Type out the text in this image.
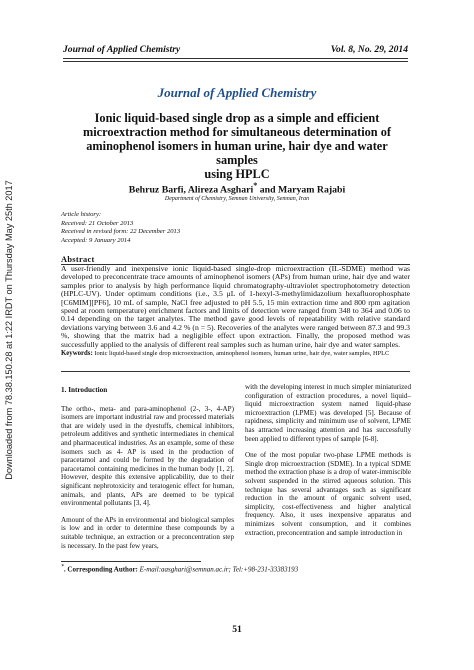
Downloaded from 78.38.150.28 at 1:22 IRDT on Thursday May 25th 2017
Journal of Applied Chemistry	Vol. 8, No. 29, 2014
Journal of Applied Chemistry
Ionic liquid-based single drop as a simple and efficient
microextraction method for simultaneous determination of
aminophenol isomers in human urine, hair dye and water samples
using HPLC
Behruz Barfi, Alireza Asghari* and Maryam Rajabi
Department of Chemistry, Semnan University, Semnan, Iran
Article history:
Received: 21 October 2013
Received in revised form: 22 December 2013
Accepted: 9 January 2014
Abstract
A user-friendly and inexpensive ionic liquid-based single-drop microextraction (IL-SDME) method was developed to preconcentrate trace amounts of aminophenol isomers (APs) from human urine, hair dye and water samples prior to analysis by high performance liquid chromatography-ultraviolet spectrophotometry detection (HPLC-UV). Under optimum conditions (i.e., 3.5 μL of 1-hexyl-3-methylimidazolium hexafluorophosphate [C6MIM][PF6], 10 mL of sample, NaCl free adjusted to pH 5.5, 15 min extraction time and 800 rpm agitation speed at room temperature) enrichment factors and limits of detection were ranged from 348 to 364 and 0.06 to 0.14 depending on the target analytes. The method gave good levels of repeatability with relative standard deviations varying between 3.6 and 4.2 % (n = 5). Recoveries of the analytes were ranged between 87.3 and 99.3 %, showing that the matrix had a negligible effect upon extraction. Finally, the proposed method was successfully applied to the analysis of different real samples such as human urine, hair dye and water samples.
Keywords: Ionic liquid-based single drop microextraction, aminophenol isomers, human urine, hair dye, water samples, HPLC
1. Introduction

The ortho-, meta- and para-aminophenol (2-, 3-, 4-AP) isomers are important industrial raw and processed materials that are widely used in the dyestuffs, chemical inhibitors, petroleum additives and synthetic intermediates in chemical and pharmaceutical industries. As an example, some of these isomers such as 4- AP is used in the production of paracetamol and could be formed by the degradation of paracetamol containing medicines in the human body [1, 2]. However, despite this extensive applicability, due to their significant nephrotoxicity and teratogenic effect for human, animals, and plants, APs are deemed to be typical environmental pollutants [3, 4].

Amount of the APs in environmental and biological samples is low and in order to determine these compounds by a suitable technique, an extraction or a preconcentration step is necessary. In the past few years,

with the developing interest in much simpler miniaturized configuration of extraction procedures, a novel liquid–liquid microextraction system named liquid-phase microextraction (LPME) was developed [5]. Because of rapidness, simplicity and minimum use of solvent, LPME has attracted increasing attention and has successfully been applied to different types of sample [6-8].

One of the most popular two-phase LPME methods is Single drop microextraction (SDME). In a typical SDME method the extraction phase is a drop of water-immiscible solvent suspended in the stirred aqueous solution. This technique has several advantages such as significant reduction in the amount of organic solvent used, simplicity, cost-effectiveness and higher analytical frequency. Also, it uses inexpensive apparatus and minimizes solvent consumption, and it combines extraction, preconcentration and sample introduction in

*. Corresponding Author: E-mail:aasghari@semnan.ac.ir; Tel:+98-231-33383193
51
